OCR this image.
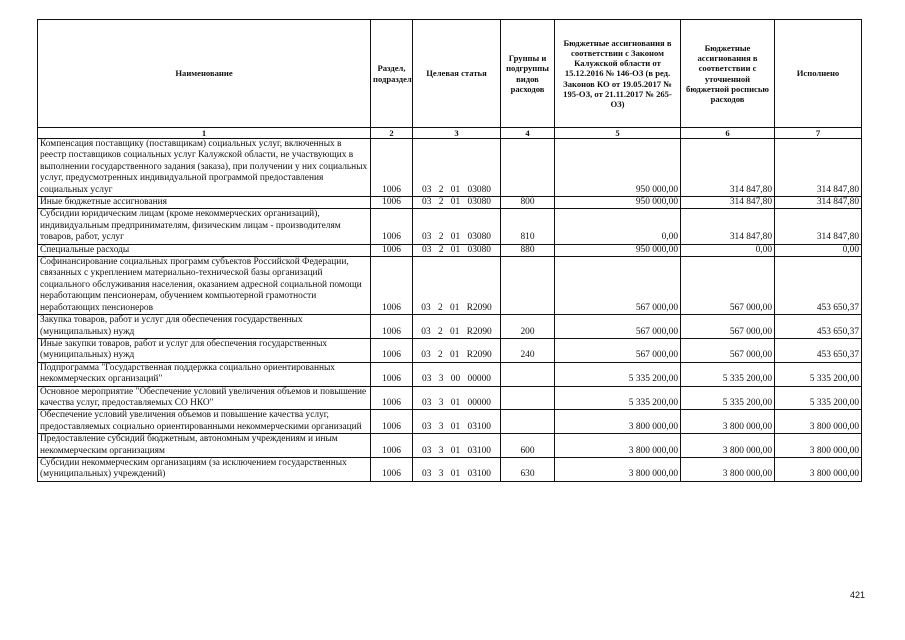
Наименование	Раздел, подраздел	Целевая статья	Группы и подгруппы видов расходов	Бюджетные ассигнования в соответствии с Законом Калужской области от 15.12.2016 № 146-ОЗ (в ред. Законов КО от 19.05.2017 № 195-ОЗ, от 21.11.2017 № 265-ОЗ)	Бюджетные ассигнования в соответствии с уточненной бюджетной росписью расходов	Исполнено
1	2	3	4	5	6	7
Компенсация поставщику (поставщикам) социальных услуг, включенных в реестр поставщиков социальных услуг Калужской области, не участвующих в выполнении государственного задания (заказа), при получении у них социальных услуг, предусмотренных индивидуальной программой предоставления социальных услуг	1006	03 2 01 03080		950 000,00	314 847,80	314 847,80
Иные бюджетные ассигнования	1006	03 2 01 03080	800	950 000,00	314 847,80	314 847,80
Субсидии юридическим лицам (кроме некоммерческих организаций), индивидуальным предпринимателям, физическим лицам - производителям товаров, работ, услуг	1006	03 2 01 03080	810	0,00	314 847,80	314 847,80
Специальные расходы	1006	03 2 01 03080	880	950 000,00	0,00	0,00
Софинансирование социальных программ субъектов Российской Федерации, связанных с укреплением материально-технической базы организаций социального обслуживания населения, оказанием адресной социальной помощи неработающим пенсионерам, обучением компьютерной грамотности неработающих пенсионеров	1006	03 2 01 R2090		567 000,00	567 000,00	453 650,37
Закупка товаров, работ и услуг для обеспечения государственных (муниципальных) нужд	1006	03 2 01 R2090	200	567 000,00	567 000,00	453 650,37
Иные закупки товаров, работ и услуг для обеспечения государственных (муниципальных) нужд	1006	03 2 01 R2090	240	567 000,00	567 000,00	453 650,37
Подпрограмма "Государственная поддержка социально ориентированных некоммерческих организаций"	1006	03 3 00 00000		5 335 200,00	5 335 200,00	5 335 200,00
Основное мероприятие "Обеспечение условий увеличения объемов и повышение качества услуг, предоставляемых СО НКО"	1006	03 3 01 00000		5 335 200,00	5 335 200,00	5 335 200,00
Обеспечение условий увеличения объемов и повышение качества услуг, предоставляемых социально ориентированными некоммерческими организаций	1006	03 3 01 03100		3 800 000,00	3 800 000,00	3 800 000,00
Предоставление субсидий бюджетным, автономным учреждениям и иным некоммерческим организациям	1006	03 3 01 03100	600	3 800 000,00	3 800 000,00	3 800 000,00
Субсидии некоммерческим организациям (за исключением государственных (муниципальных) учреждений)	1006	03 3 01 03100	630	3 800 000,00	3 800 000,00	3 800 000,00
421
